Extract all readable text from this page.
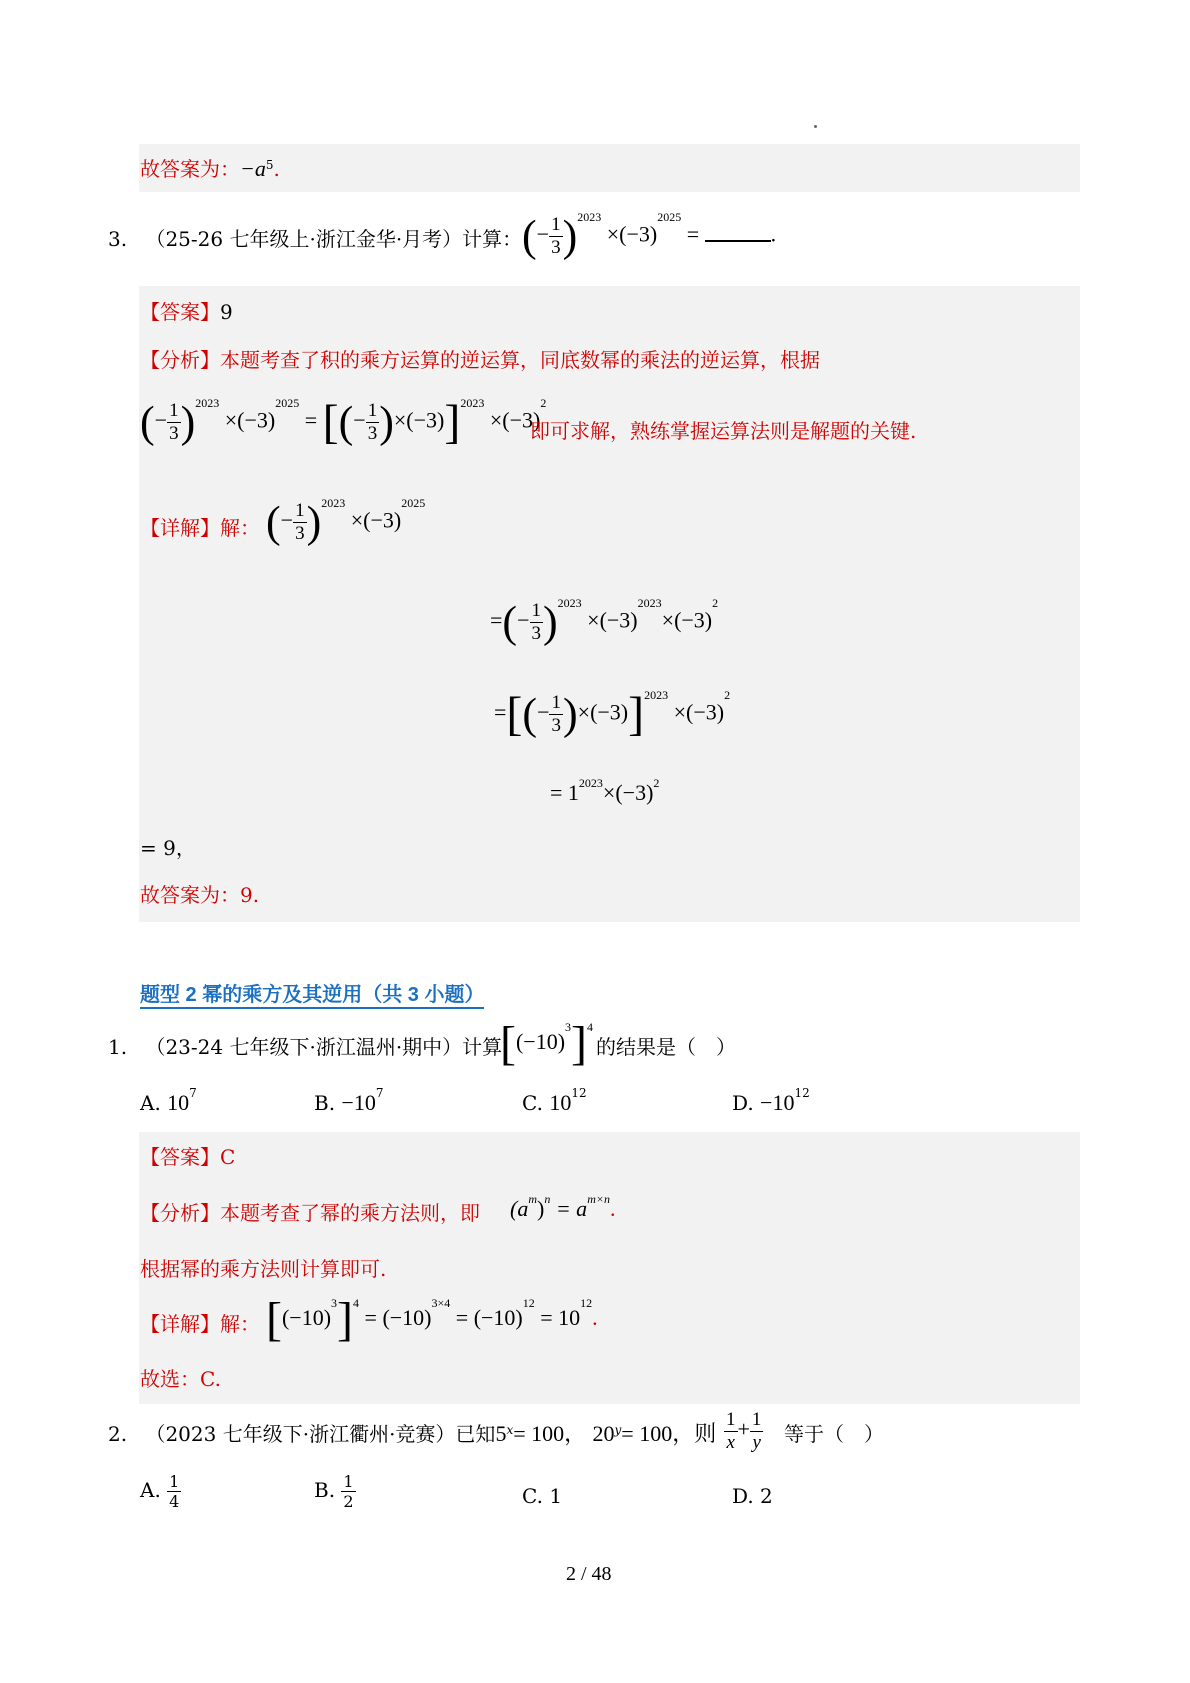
故答案为：$-a^5$.
3. （25-26 七年级上·浙江金华·月考）计算： (− $\frac{1}{3} )^{2023} \times(-3)^{2025}$ =	.
【答案】9
【分析】本题考查了积的乘方运算的逆运算，同底数幂的乘法的逆运算，根据
(− $\frac{1}{3} )^{2023} \times(-3)^{2025}$ = [(− $\frac{1}{3} )\times(-3)]^{2023} \times(-3)^2$
即可求解，熟练掌握运算法则是解题的关键.
【详解】解： (− $\frac{1}{3} )^{2023} \times(-3)^{2025}$
=(− $\frac{1}{3} )^{2023} \times(-3)^{2023}\times(-3)^2$
=[(− $\frac{1}{3} )\times(-3)]^{2023} \times(-3)^2$
= $1^{2023}\times(-3)^2$
= 9，
故答案为：9.
题型 2 幂的乘方及其逆用（共 3 小题）
1. （23-24 七年级下·浙江温州·期中）计算
$[(-10)^3]^4$
的结果是（　）
A. $10^7$	B. $-10^7$	C. $10^{12}$	D. $-10^{12}$
【答案】C
【分析】本题考查了幂的乘方法则，即 $(a^m)^n = a^{m\times n}$.
根据幂的乘方法则计算即可.
【详解】解： $[(-10)^3]^4 = (-10)^{3\times 4} = (-10)^{12} = 10^{12}$.
故选：C.
2. （2023 七年级下·浙江衢州·竞赛）已知$5^x= 100$， $20^y= 100$，则 $\frac{1}{x} + \frac{1}{y}$ 等于（　）
A. $\frac{1}{4}$	B. $\frac{1}{2}$	C. 1	D. 2
2 / 48
